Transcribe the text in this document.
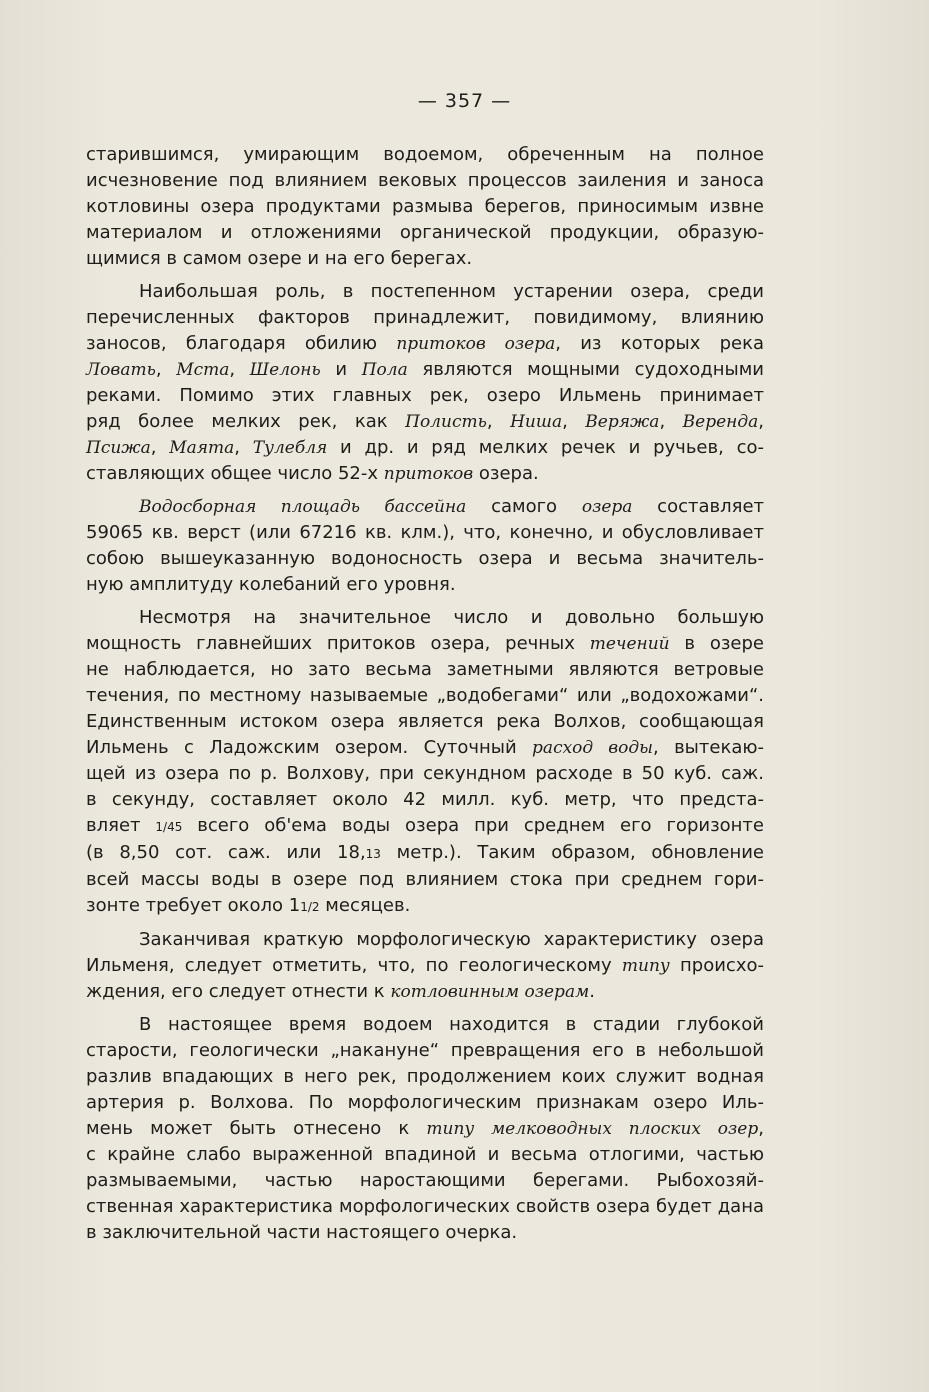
— 357 —

старившимся, умирающим водоемом, обреченным на полное
исчезновение под влиянием вековых процессов заиления и заноса
котловины озера продуктами размыва берегов, приносимым извне
материалом и отложениями органической продукции, образую-
щимися в самом озере и на его берегах.

Наибольшая роль, в постепенном устарении озера, среди
перечисленных факторов принадлежит, повидимому, влиянию
заносов, благодаря обилию притоков озера, из которых река
Ловать, Мста, Шелонь и Пола являются мощными судоходными
реками. Помимо этих главных рек, озеро Ильмень принимает
ряд более мелких рек, как Полисть, Ниша, Веряжа, Веренда,
Псижа, Маята, Тулебля и др. и ряд мелких речек и ручьев, со-
ставляющих общее число 52-х притоков озера.

Водосборная площадь бассейна самого озера составляет
59065 кв. верст (или 67216 кв. клм.), что, конечно, и обусловливает
собою вышеуказанную водоносность озера и весьма значитель-
ную амплитуду колебаний его уровня.

Несмотря на значительное число и довольно большую
мощность главнейших притоков озера, речных течений в озере
не наблюдается, но зато весьма заметными являются ветровые
течения, по местному называемые „водобегами“ или „водохожами“.
Единственным истоком озера является река Волхов, сообщающая
Ильмень с Ладожским озером. Суточный расход воды, вытекаю-
щей из озера по р. Волхову, при секундном расходе в 50 куб. саж.
в секунду, составляет около 42 милл. куб. метр, что предста-
вляет 1/45 всего об'ема воды озера при среднем его горизонте
(в 8,50 сот. саж. или 18,13 метр.). Таким образом, обновление
всей массы воды в озере под влиянием стока при среднем гори-
зонте требует около 11/2 месяцев.

Заканчивая краткую морфологическую характеристику озера
Ильменя, следует отметить, что, по геологическому типу происхо-
ждения, его следует отнести к котловинным озерам.

В настоящее время водоем находится в стадии глубокой
старости, геологически „накануне“ превращения его в небольшой
разлив впадающих в него рек, продолжением коих служит водная
артерия р. Волхова. По морфологическим признакам озеро Иль-
мень может быть отнесено к типу мелководных плоских озер,
с крайне слабо выраженной впадиной и весьма отлогими, частью
размываемыми, частью наростающими берегами. Рыбохозяй-
ственная характеристика морфологических свойств озера будет дана
в заключительной части настоящего очерка.
